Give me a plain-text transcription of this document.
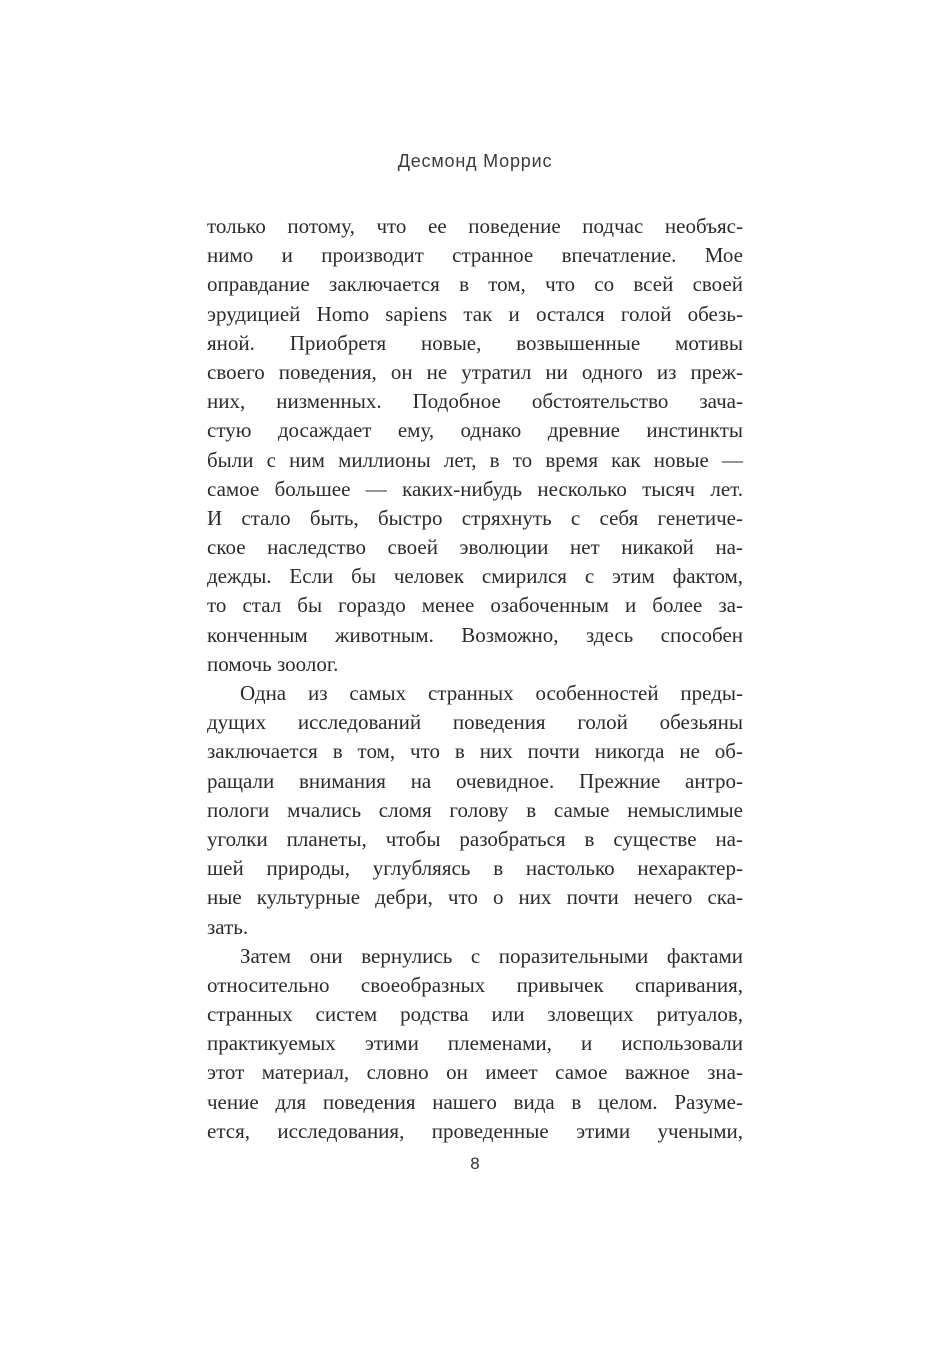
Десмонд Моррис
только потому, что ее поведение подчас необъяс-
нимо и производит странное впечатление. Мое
оправдание заключается в том, что со всей своей
эрудицией Homo sapiens так и остался голой обезь-
яной. Приобретя новые, возвышенные мотивы
своего поведения, он не утратил ни одного из преж-
них, низменных. Подобное обстоятельство зача-
стую досаждает ему, однако древние инстинкты
были с ним миллионы лет, в то время как новые —
самое большее — каких-нибудь несколько тысяч лет.
И стало быть, быстро стряхнуть с себя генетиче-
ское наследство своей эволюции нет никакой на-
дежды. Если бы человек смирился с этим фактом,
то стал бы гораздо менее озабоченным и более за-
конченным животным. Возможно, здесь способен
помочь зоолог.
Одна из самых странных особенностей преды-
дущих исследований поведения голой обезьяны
заключается в том, что в них почти никогда не об-
ращали внимания на очевидное. Прежние антро-
пологи мчались сломя голову в самые немыслимые
уголки планеты, чтобы разобраться в существе на-
шей природы, углубляясь в настолько нехарактер-
ные культурные дебри, что о них почти нечего ска-
зать.
Затем они вернулись с поразительными фактами
относительно своеобразных привычек спаривания,
странных систем родства или зловещих ритуалов,
практикуемых этими племенами, и использовали
этот материал, словно он имеет самое важное зна-
чение для поведения нашего вида в целом. Разуме-
ется, исследования, проведенные этими учеными,
8
